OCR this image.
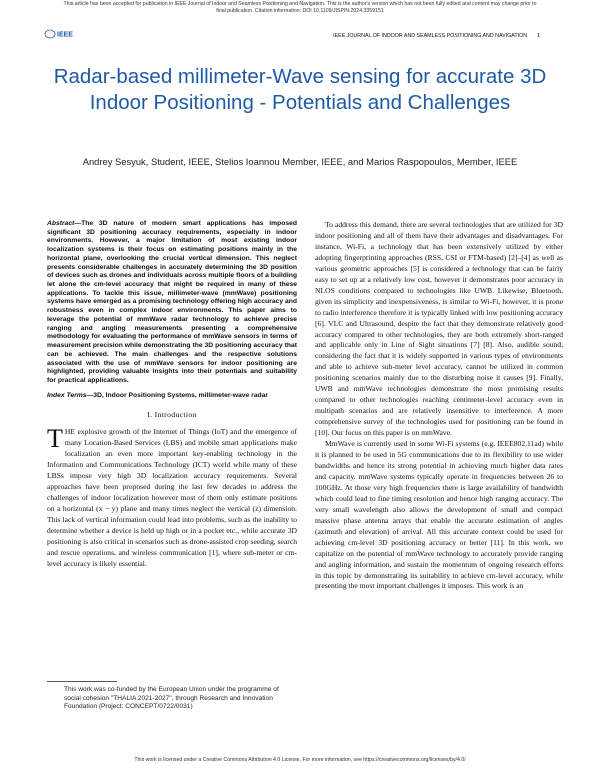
This article has been accepted for publication in IEEE Journal of Indoor and Seamless Positioning and Navigation. This is the author's version which has not been fully edited and content may change prior to final publication. Citation information: DOI 10.1109/JISPIN.2024.3359151
IEEE	IEEE JOURNAL OF INDOOR AND SEAMLESS POSITIONING AND NAVIGATION 1
Radar-based millimeter-Wave sensing for accurate 3D Indoor Positioning - Potentials and Challenges
Andrey Sesyuk, Student, IEEE, Stelios Ioannou Member, IEEE, and Marios Raspopoulos, Member, IEEE

Abstract—The 3D nature of modern smart applications has imposed significant 3D positioning accuracy requirements, especially in indoor environments. However, a major limitation of most existing indoor localization systems is their focus on estimating positions mainly in the horizontal plane, overlooking the crucial vertical dimension. This neglect presents considerable challenges in accurately determining the 3D position of devices such as drones and individuals across multiple floors of a building let alone the cm-level accuracy that might be required in many of these applications. To tackle this issue, millimeter-wave (mmWave) positioning systems have emerged as a promising technology offering high accuracy and robustness even in complex indoor environments. This paper aims to leverage the potential of mmWave radar technology to achieve precise ranging and angling measurements presenting a comprehensive methodology for evaluating the performance of mmWave sensors in terms of measurement precision while demonstrating the 3D positioning accuracy that can be achieved. The main challenges and the respective solutions associated with the use of mmWave sensors for indoor positioning are highlighted, providing valuable insights into their potentials and suitability for practical applications.

Index Terms—3D, Indoor Positioning Systems, millimeter-wave radar

I. Introduction

THE explosive growth of the Internet of Things (IoT) and the emergence of many Location-Based Services (LBS) and mobile smart applications make localization an even more important key-enabling technology in the Information and Communications Technology (ICT) world while many of these LBSs impose very high 3D localization accuracy requirements. Several approaches have been proposed during the last few decades to address the challenges of indoor localization however most of them only estimate positions on a horizontal (x − y) plane and many times neglect the vertical (z) dimension. This lack of vertical information could lead into problems, such as the inability to determine whether a device is held up high or in a pocket etc., while accurate 3D positioning is also critical in scenarios such as drone-assisted crop seeding, search and rescue operations, and wireless communication [1], where sub-meter or cm-level accuracy is likely essential.

This work was co-funded by the European Union under the programme of social cohesion "THALIA 2021-2027", through Research and Innovation Foundation (Project: CONCEPT/0722/0031)

To address this demand, there are several technologies that are utilized for 3D indoor positioning and all of them have their advantages and disadvantages. For instance, Wi-Fi, a technology that has been extensively utilized by either adopting fingerprinting approaches (RSS, CSI or FTM-based) [2]–[4] as well as various geometric approaches [5] is considered a technology that can be fairly easy to set up at a relatively low cost, however it demonstrates poor accuracy in NLOS conditions compared to technologies like UWB. Likewise, Bluetooth, given its simplicity and inexpensiveness, is similar to Wi-Fi, however, it is prone to radio interference therefore it is typically linked with low positioning accuracy [6]. VLC and Ultrasound, despite the fact that they demonstrate relatively good accuracy compared to other technologies, they are both extremely short-ranged and applicable only in Line of Sight situations [7] [8]. Also, audible sound, considering the fact that it is widely supported in various types of environments and able to achieve sub-meter level accuracy, cannot be utilized in common positioning scenarios mainly due to the disturbing noise it causes [9]. Finally, UWB and mmWave technologies demonstrate the most promising results compared to other technologies reaching centimeter-level accuracy even in multipath scenarios and are relatively insensitive to interference. A more comprehensive survey of the technologies used for positioning can be found in [10]. Our focus on this paper is on mmWave.

MmWave is currently used in some Wi-Fi systems (e.g. IEEE802.11ad) while it is planned to be used in 5G communications due to its flexibility to use wider bandwidths and hence its strong potential in achieving much higher data rates and capacity. mmWave systems typically operate in frequencies between 26 to 100GHz. At those very high frequencies there is large availability of bandwidth which could lead to fine timing resolution and hence high ranging accuracy. The very small wavelength also allows the development of small and compact massive phase antenna arrays that enable the accurate estimation of angles (azimuth and elevation) of arrival. All this accurate context could be used for achieving cm-level 3D positioning accuracy or better [11]. In this work, we capitalize on the potential of mmWave technology to accurately provide ranging and angling information, and sustain the momentum of ongoing research efforts in this topic by demonstrating its suitability to achieve cm-level accuracy, while presenting the most important challenges it imposes. This work is an

This work is licensed under a Creative Commons Attribution 4.0 License. For more information, see https://creativecommons.org/licenses/by/4.0/
